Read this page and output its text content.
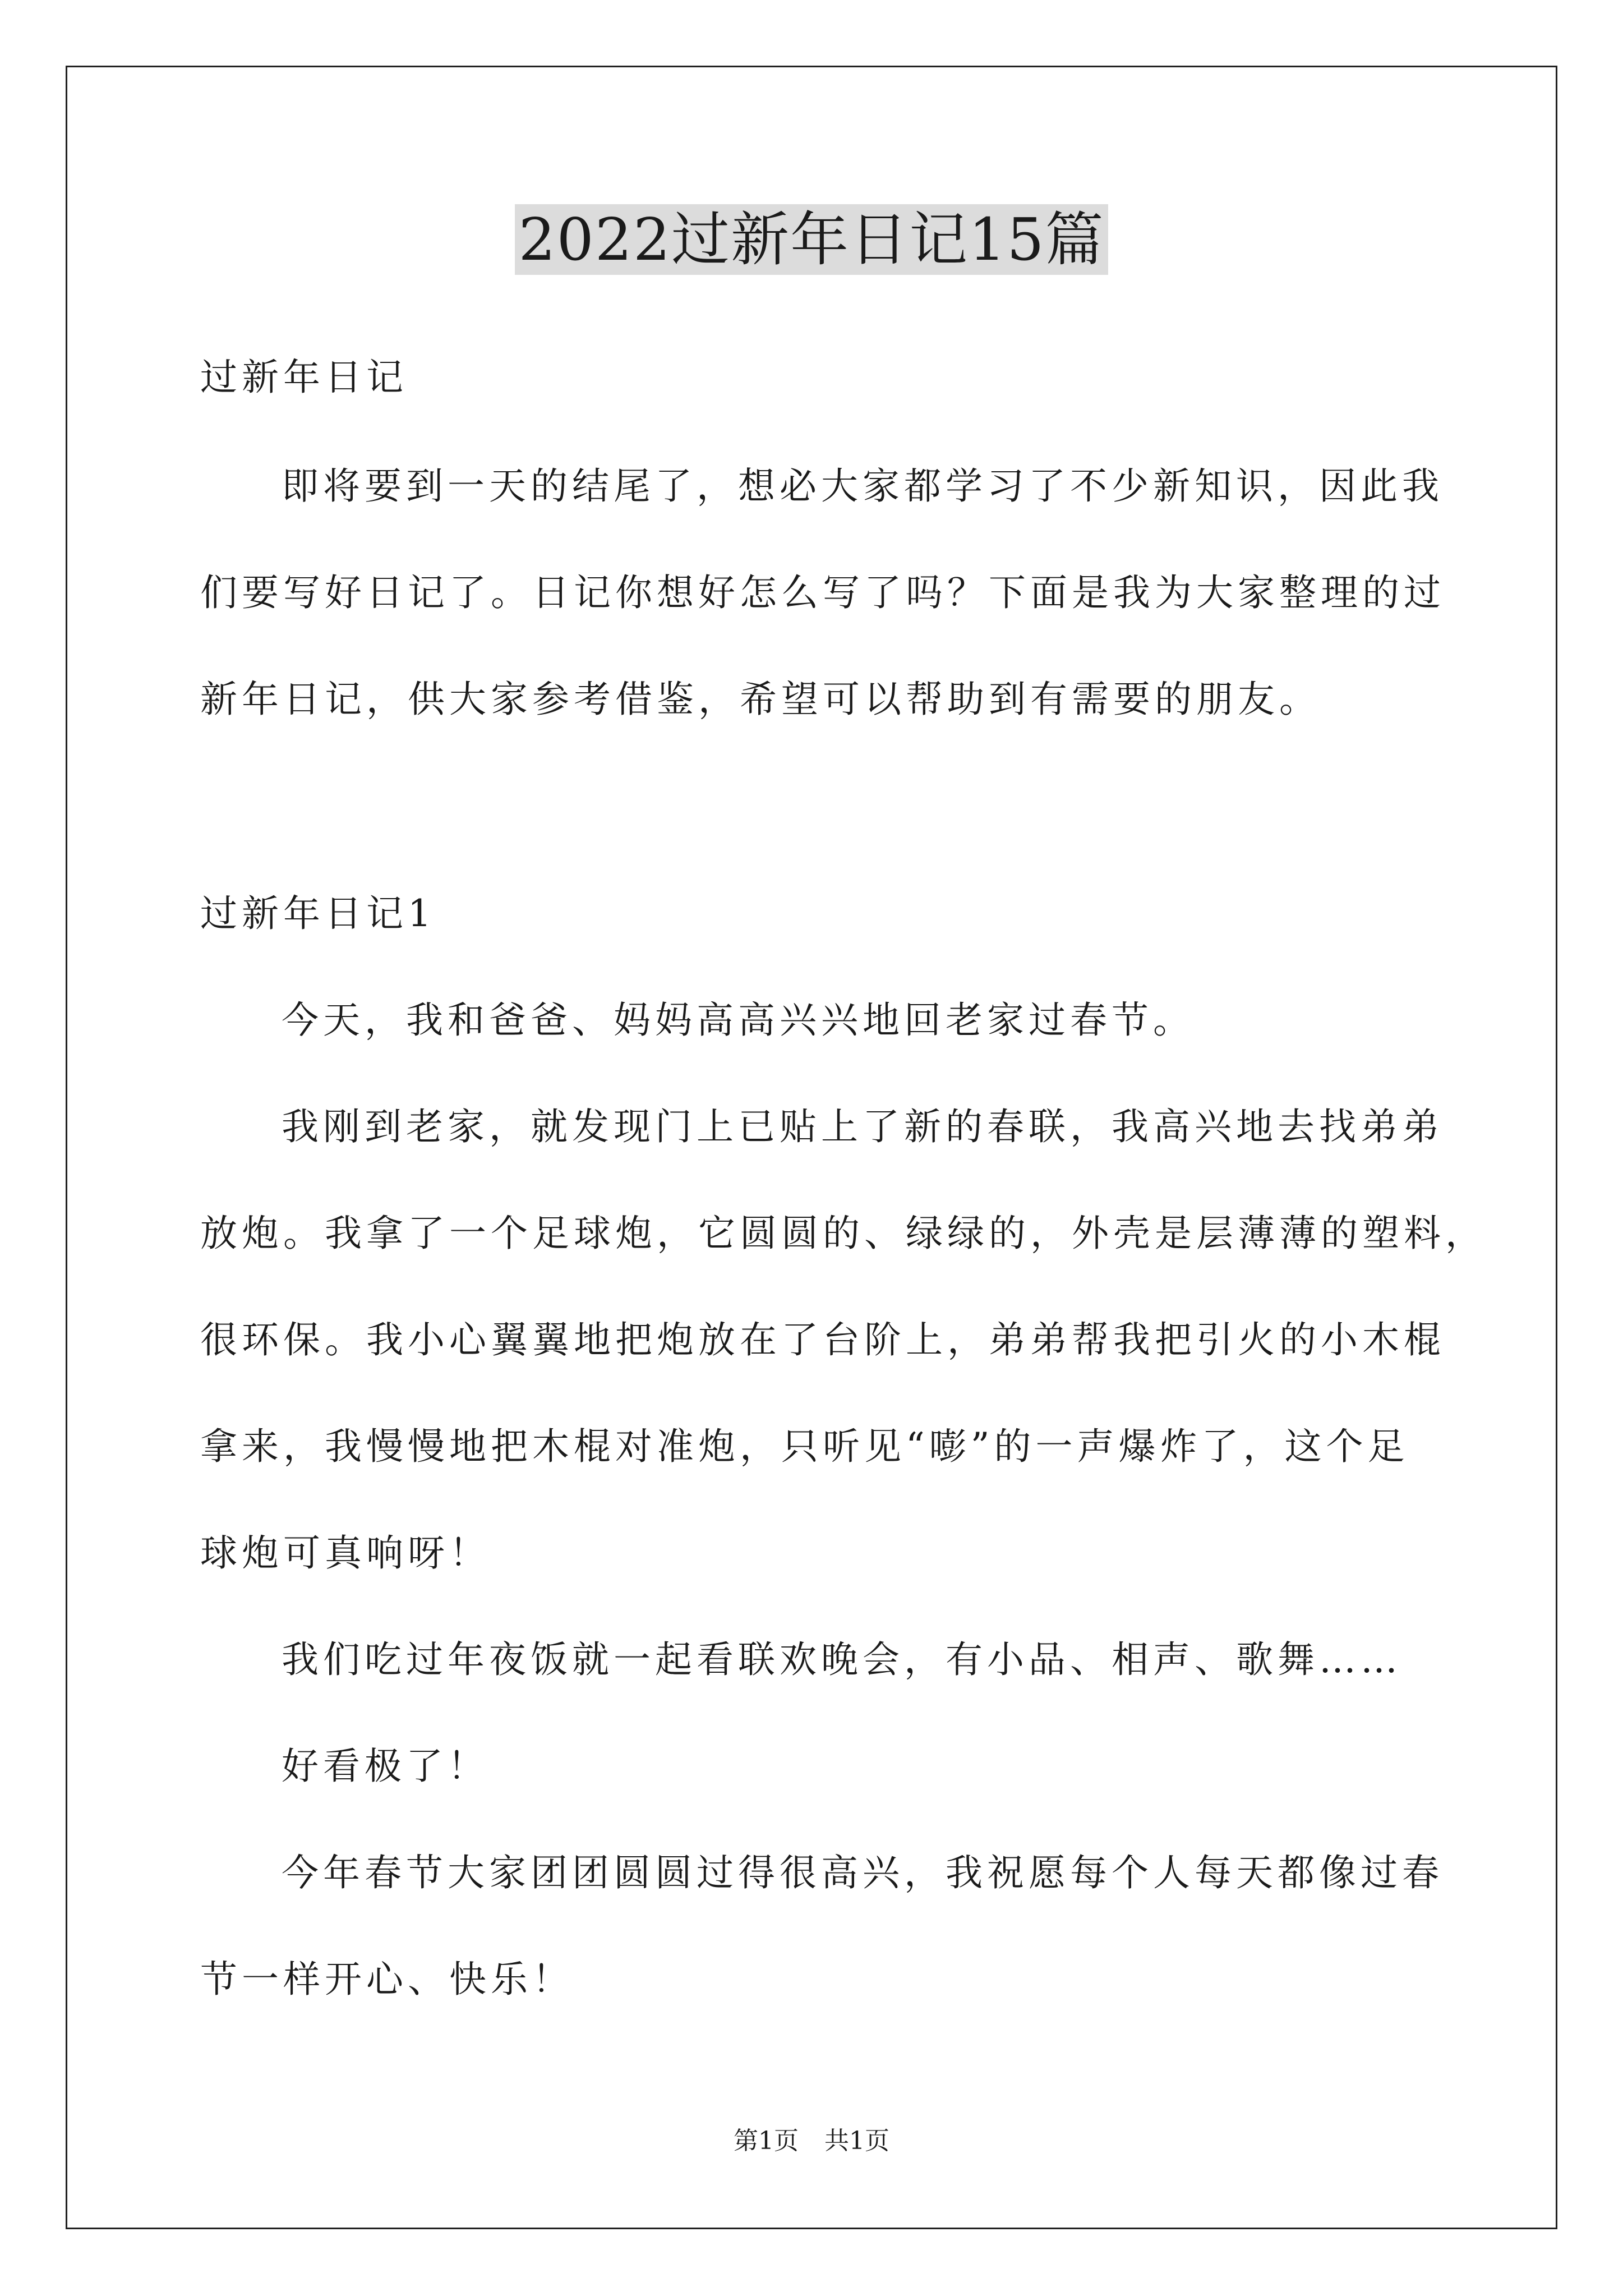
2022过新年日记15篇
过新年日记
即将要到一天的结尾了，想必大家都学习了不少新知识，因此我
们要写好日记了。日记你想好怎么写了吗？下面是我为大家整理的过
新年日记，供大家参考借鉴，希望可以帮助到有需要的朋友。
过新年日记1
今天，我和爸爸、妈妈高高兴兴地回老家过春节。
我刚到老家，就发现门上已贴上了新的春联，我高兴地去找弟弟
放炮。我拿了一个足球炮，它圆圆的、绿绿的，外壳是层薄薄的塑料，
很环保。我小心翼翼地把炮放在了台阶上，弟弟帮我把引火的小木棍
拿来，我慢慢地把木棍对准炮，只听见“嘭”的一声爆炸了，这个足
球炮可真响呀！
我们吃过年夜饭就一起看联欢晚会，有小品、相声、歌舞……
好看极了！
今年春节大家团团圆圆过得很高兴，我祝愿每个人每天都像过春
节一样开心、快乐！
第1页 共1页
